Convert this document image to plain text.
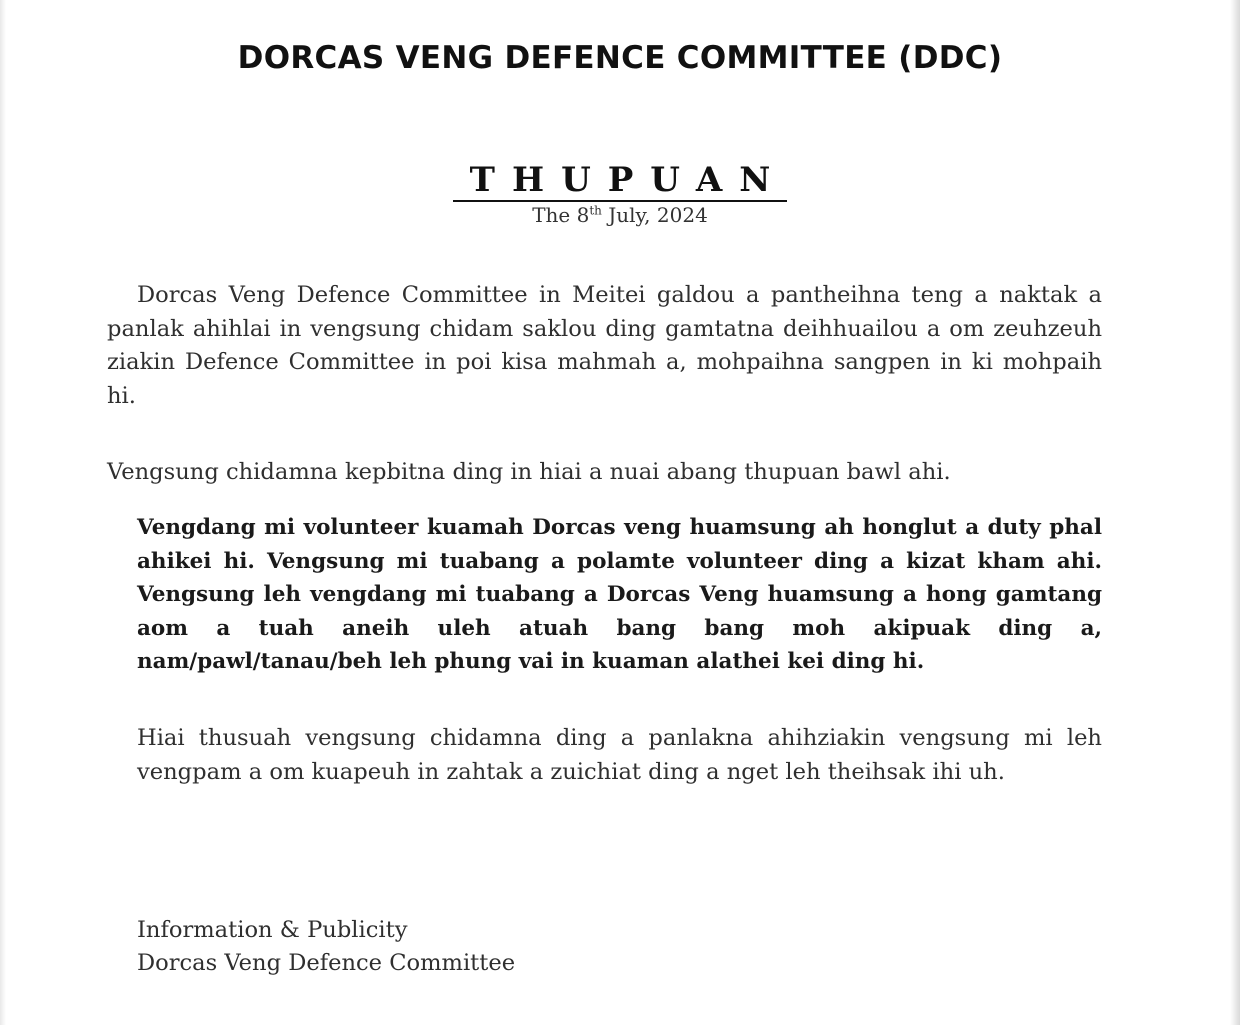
DORCAS VENG DEFENCE COMMITTEE (DDC)
THUPUAN
The 8th July, 2024
Dorcas Veng Defence Committee in Meitei galdou a pantheihna teng a naktak a panlak ahihlai in vengsung chidam saklou ding gamtatna deihhuailou a om zeuhzeuh ziakin Defence Committee in poi kisa mahmah a, mohpaihna sangpen in ki mohpaih hi.
Vengsung chidamna kepbitna ding in hiai a nuai abang thupuan bawl ahi.
Vengdang mi volunteer kuamah Dorcas veng huamsung ah honglut a duty phal ahikei hi. Vengsung mi tuabang a polamte volunteer ding a kizat kham ahi. Vengsung leh vengdang mi tuabang a Dorcas Veng huamsung a hong gamtang aom a tuah aneih uleh atuah bang bang moh akipuak ding a, nam/pawl/tanau/beh leh phung vai in kuaman alathei kei ding hi.
Hiai thusuah vengsung chidamna ding a panlakna ahihziakin vengsung mi leh vengpam a om kuapeuh in zahtak a zuichiat ding a nget leh theihsak ihi uh.
Information & Publicity
Dorcas Veng Defence Committee
